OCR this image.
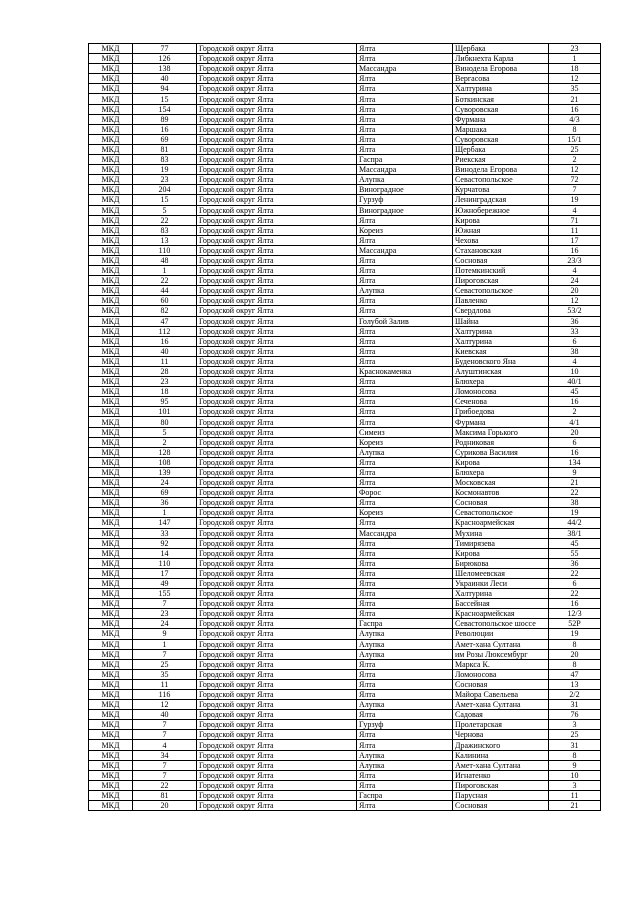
МКД	77	Городской округ Ялта	Ялта	Щербака	23
МКД	126	Городской округ Ялта	Ялта	Либкнехта Карла	1
МКД	138	Городской округ Ялта	Массандра	Винодела Егорова	18
МКД	40	Городской округ Ялта	Ялта	Вергасова	12
МКД	94	Городской округ Ялта	Ялта	Халтурина	35
МКД	15	Городской округ Ялта	Ялта	Боткинская	21
МКД	154	Городской округ Ялта	Ялта	Суворовская	16
МКД	89	Городской округ Ялта	Ялта	Фурмана	4/3
МКД	16	Городской округ Ялта	Ялта	Маршака	8
МКД	69	Городской округ Ялта	Ялта	Суворовская	15/1
МКД	81	Городской округ Ялта	Ялта	Щербака	25
МКД	83	Городской округ Ялта	Гаспра	Риекская	2
МКД	19	Городской округ Ялта	Массандра	Винодела Егорова	12
МКД	23	Городской округ Ялта	Алупка	Севастопольское	72
МКД	204	Городской округ Ялта	Виноградное	Курчатова	7
МКД	15	Городской округ Ялта	Гурзуф	Ленинградская	19
МКД	5	Городской округ Ялта	Виноградное	Южнобережное	4
МКД	22	Городской округ Ялта	Ялта	Кирова	71
МКД	83	Городской округ Ялта	Кореиз	Южная	11
МКД	13	Городской округ Ялта	Ялта	Чехова	17
МКД	110	Городской округ Ялта	Массандра	Стахановская	16
МКД	48	Городской округ Ялта	Ялта	Сосновая	23/3
МКД	1	Городской округ Ялта	Ялта	Потемкинский	4
МКД	22	Городской округ Ялта	Ялта	Пироговская	24
МКД	44	Городской округ Ялта	Алупка	Севастопольское	20
МКД	60	Городской округ Ялта	Ялта	Павленко	12
МКД	82	Городской округ Ялта	Ялта	Свердлова	53/2
МКД	47	Городской округ Ялта	Голубой Залив	Шайна	36
МКД	112	Городской округ Ялта	Ялта	Халтурина	33
МКД	16	Городской округ Ялта	Ялта	Халтурина	6
МКД	40	Городской округ Ялта	Ялта	Киевская	38
МКД	11	Городской округ Ялта	Ялта	Буденовского Яна	4
МКД	28	Городской округ Ялта	Краснокаменка	Алуштинская	10
МКД	23	Городской округ Ялта	Ялта	Блюхера	40/1
МКД	18	Городской округ Ялта	Ялта	Ломоносова	45
МКД	95	Городской округ Ялта	Ялта	Сеченова	16
МКД	101	Городской округ Ялта	Ялта	Грибоедова	2
МКД	80	Городской округ Ялта	Ялта	Фурмана	4/1
МКД	5	Городской округ Ялта	Симеиз	Максима Горького	20
МКД	2	Городской округ Ялта	Кореиз	Родниковая	6
МКД	128	Городской округ Ялта	Алупка	Сурикова Василия	16
МКД	108	Городской округ Ялта	Ялта	Кирова	134
МКД	139	Городской округ Ялта	Ялта	Блюхера	9
МКД	24	Городской округ Ялта	Ялта	Московская	21
МКД	69	Городской округ Ялта	Форос	Космонавтов	22
МКД	36	Городской округ Ялта	Ялта	Сосновая	38
МКД	1	Городской округ Ялта	Кореиз	Севастопольское	19
МКД	147	Городской округ Ялта	Ялта	Красноармейская	44/2
МКД	33	Городской округ Ялта	Массандра	Мухина	38/1
МКД	92	Городской округ Ялта	Ялта	Тимирязева	45
МКД	14	Городской округ Ялта	Ялта	Кирова	55
МКД	110	Городской округ Ялта	Ялта	Бирюкова	36
МКД	17	Городской округ Ялта	Ялта	Шеломеевская	22
МКД	49	Городской округ Ялта	Ялта	Украинки Леси	6
МКД	155	Городской округ Ялта	Ялта	Халтурина	22
МКД	7	Городской округ Ялта	Ялта	Бассейная	16
МКД	23	Городской округ Ялта	Ялта	Красноармейская	12/3
МКД	24	Городской округ Ялта	Гаспра	Севастопольское шоссе	52Р
МКД	9	Городской округ Ялта	Алупка	Революции	19
МКД	1	Городской округ Ялта	Алупка	Амет-хана Султана	8
МКД	7	Городской округ Ялта	Алупка	им Розы Люксембург	20
МКД	25	Городской округ Ялта	Ялта	Маркса К.	8
МКД	35	Городской округ Ялта	Ялта	Ломоносова	47
МКД	11	Городской округ Ялта	Ялта	Сосновая	13
МКД	116	Городской округ Ялта	Ялта	Майора Савельева	2/2
МКД	12	Городской округ Ялта	Алупка	Амет-хана Султана	31
МКД	40	Городской округ Ялта	Ялта	Садовая	76
МКД	7	Городской округ Ялта	Гурзуф	Пролетарская	3
МКД	7	Городской округ Ялта	Ялта	Чернова	25
МКД	4	Городской округ Ялта	Ялта	Дражинского	31
МКД	34	Городской округ Ялта	Алупка	Калинина	8
МКД	7	Городской округ Ялта	Алупка	Амет-хана Султана	9
МКД	7	Городской округ Ялта	Ялта	Игнатенко	10
МКД	22	Городской округ Ялта	Ялта	Пироговская	3
МКД	81	Городской округ Ялта	Гаспра	Парусная	11
МКД	20	Городской округ Ялта	Ялта	Сосновая	21
